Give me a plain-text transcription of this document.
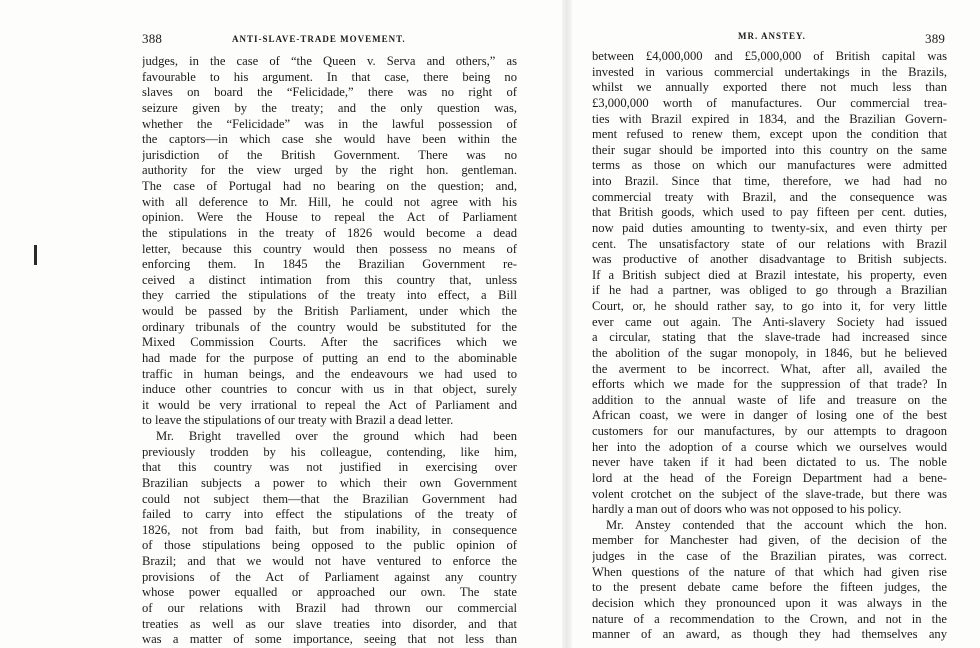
388	ANTI-SLAVE-TRADE MOVEMENT.
judges, in the case of “the Queen v. Serva and others,” as
favourable to his argument. In that case, there being no
slaves on board the “Felicidade,” there was no right of
seizure given by the treaty; and the only question was,
whether the “Felicidade” was in the lawful possession of
the captors—in which case she would have been within the
jurisdiction of the British Government. There was no
authority for the view urged by the right hon. gentleman.
The case of Portugal had no bearing on the question; and,
with all deference to Mr. Hill, he could not agree with his
opinion. Were the House to repeal the Act of Parliament
the stipulations in the treaty of 1826 would become a dead
letter, because this country would then possess no means of
enforcing them. In 1845 the Brazilian Government re-
ceived a distinct intimation from this country that, unless
they carried the stipulations of the treaty into effect, a Bill
would be passed by the British Parliament, under which the
ordinary tribunals of the country would be substituted for the
Mixed Commission Courts. After the sacrifices which we
had made for the purpose of putting an end to the abominable
traffic in human beings, and the endeavours we had used to
induce other countries to concur with us in that object, surely
it would be very irrational to repeal the Act of Parliament and
to leave the stipulations of our treaty with Brazil a dead letter.
Mr. Bright travelled over the ground which had been
previously trodden by his colleague, contending, like him,
that this country was not justified in exercising over
Brazilian subjects a power to which their own Government
could not subject them—that the Brazilian Government had
failed to carry into effect the stipulations of the treaty of
1826, not from bad faith, but from inability, in consequence
of those stipulations being opposed to the public opinion of
Brazil; and that we would not have ventured to enforce the
provisions of the Act of Parliament against any country
whose power equalled or approached our own. The state
of our relations with Brazil had thrown our commercial
treaties as well as our slave treaties into disorder, and that
was a matter of some importance, seeing that not less than
MR. ANSTEY.	389
between £4,000,000 and £5,000,000 of British capital was
invested in various commercial undertakings in the Brazils,
whilst we annually exported there not much less than
£3,000,000 worth of manufactures. Our commercial trea-
ties with Brazil expired in 1834, and the Brazilian Govern-
ment refused to renew them, except upon the condition that
their sugar should be imported into this country on the same
terms as those on which our manufactures were admitted
into Brazil. Since that time, therefore, we had had no
commercial treaty with Brazil, and the consequence was
that British goods, which used to pay fifteen per cent. duties,
now paid duties amounting to twenty-six, and even thirty per
cent. The unsatisfactory state of our relations with Brazil
was productive of another disadvantage to British subjects.
If a British subject died at Brazil intestate, his property, even
if he had a partner, was obliged to go through a Brazilian
Court, or, he should rather say, to go into it, for very little
ever came out again. The Anti-slavery Society had issued
a circular, stating that the slave-trade had increased since
the abolition of the sugar monopoly, in 1846, but he believed
the averment to be incorrect. What, after all, availed the
efforts which we made for the suppression of that trade? In
addition to the annual waste of life and treasure on the
African coast, we were in danger of losing one of the best
customers for our manufactures, by our attempts to dragoon
her into the adoption of a course which we ourselves would
never have taken if it had been dictated to us. The noble
lord at the head of the Foreign Department had a bene-
volent crotchet on the subject of the slave-trade, but there was
hardly a man out of doors who was not opposed to his policy.
Mr. Anstey contended that the account which the hon.
member for Manchester had given, of the decision of the
judges in the case of the Brazilian pirates, was correct.
When questions of the nature of that which had given rise
to the present debate came before the fifteen judges, the
decision which they pronounced upon it was always in the
nature of a recommendation to the Crown, and not in the
manner of an award, as though they had themselves any
